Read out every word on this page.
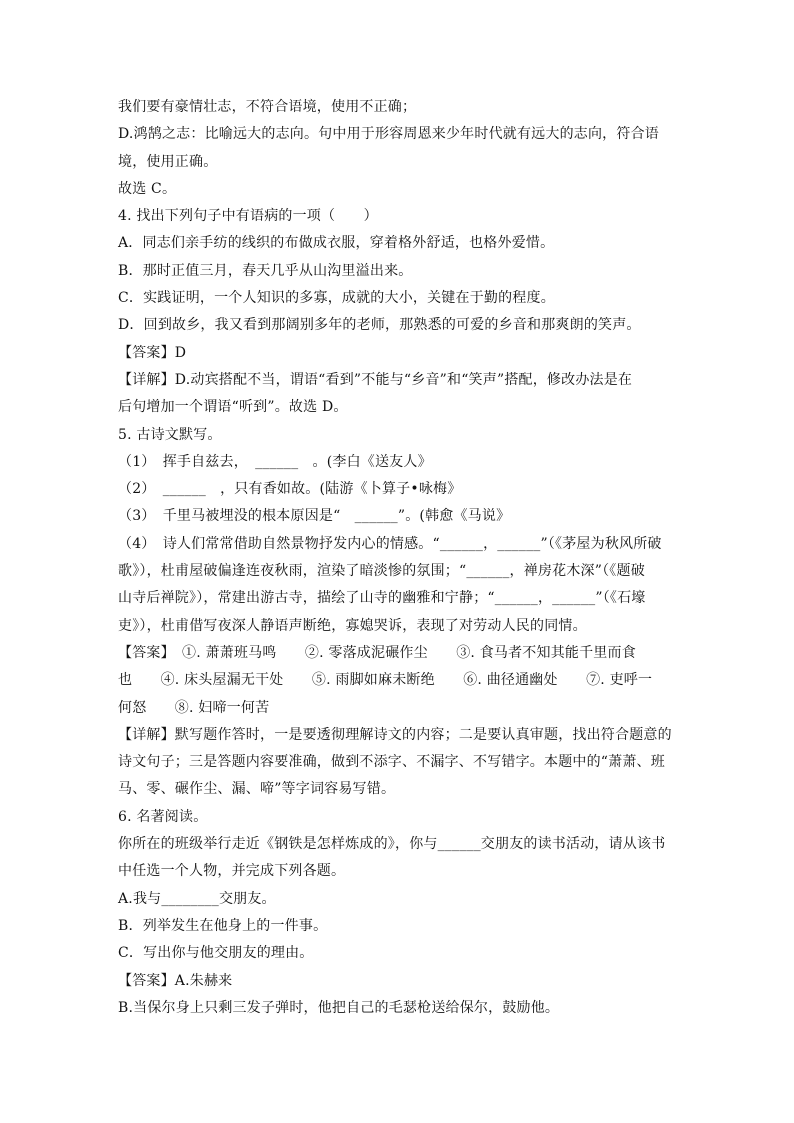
我们要有豪情壮志，不符合语境，使用不正确；
D.鸿鹄之志：比喻远大的志向。句中用于形容周恩来少年时代就有远大的志向，符合语
境，使用正确。
故选 C。
4. 找出下列句子中有语病的一项（　　）
A．同志们亲手纺的线织的布做成衣服，穿着格外舒适，也格外爱惜。
B．那时正值三月，春天几乎从山沟里溢出来。
C．实践证明，一个人知识的多寡，成就的大小，关键在于勤的程度。
D．回到故乡，我又看到那阔别多年的老师，那熟悉的可爱的乡音和那爽朗的笑声。
【答案】D
【详解】D.动宾搭配不当，谓语“看到”不能与“乡音”和“笑声”搭配，修改办法是在
后句增加一个谓语“听到”。故选 D。
5. 古诗文默写。
（1）　挥手自兹去，　______　。(李白《送友人》
（2）　______　，只有香如故。(陆游《卜算子•咏梅》
（3）　千里马被埋没的根本原因是“　______”。(韩愈《马说》
（4）　诗人们常常借助自然景物抒发内心的情感。“______，______”（《茅屋为秋风所破
歌》），杜甫屋破偏逢连夜秋雨，渲染了暗淡惨的氛围；“______，禅房花木深”（《题破
山寺后禅院》），常建出游古寺，描绘了山寺的幽雅和宁静；“______，______”（《石壕
吏》），杜甫借写夜深人静语声断绝，寡媳哭诉，表现了对劳动人民的同情。
【答案】　①. 萧萧班马鸣　　②. 零落成泥碾作尘　　③. 食马者不知其能千里而食
也　　④. 床头屋漏无干处　　⑤. 雨脚如麻未断绝　　⑥. 曲径通幽处　　⑦. 吏呼一
何怒　　⑧. 妇啼一何苦
【详解】默写题作答时，一是要透彻理解诗文的内容；二是要认真审题，找出符合题意的
诗文句子；三是答题内容要准确，做到不添字、不漏字、不写错字。本题中的“萧萧、班
马、零、碾作尘、漏、啼”等字词容易写错。
6. 名著阅读。
你所在的班级举行走近《钢铁是怎样炼成的》，你与______交朋友的读书活动，请从该书
中任选一个人物，并完成下列各题。
A.我与________交朋友。
B．列举发生在他身上的一件事。
C．写出你与他交朋友的理由。
【答案】A.朱赫来
B.当保尔身上只剩三发子弹时，他把自己的毛瑟枪送给保尔，鼓励他。
